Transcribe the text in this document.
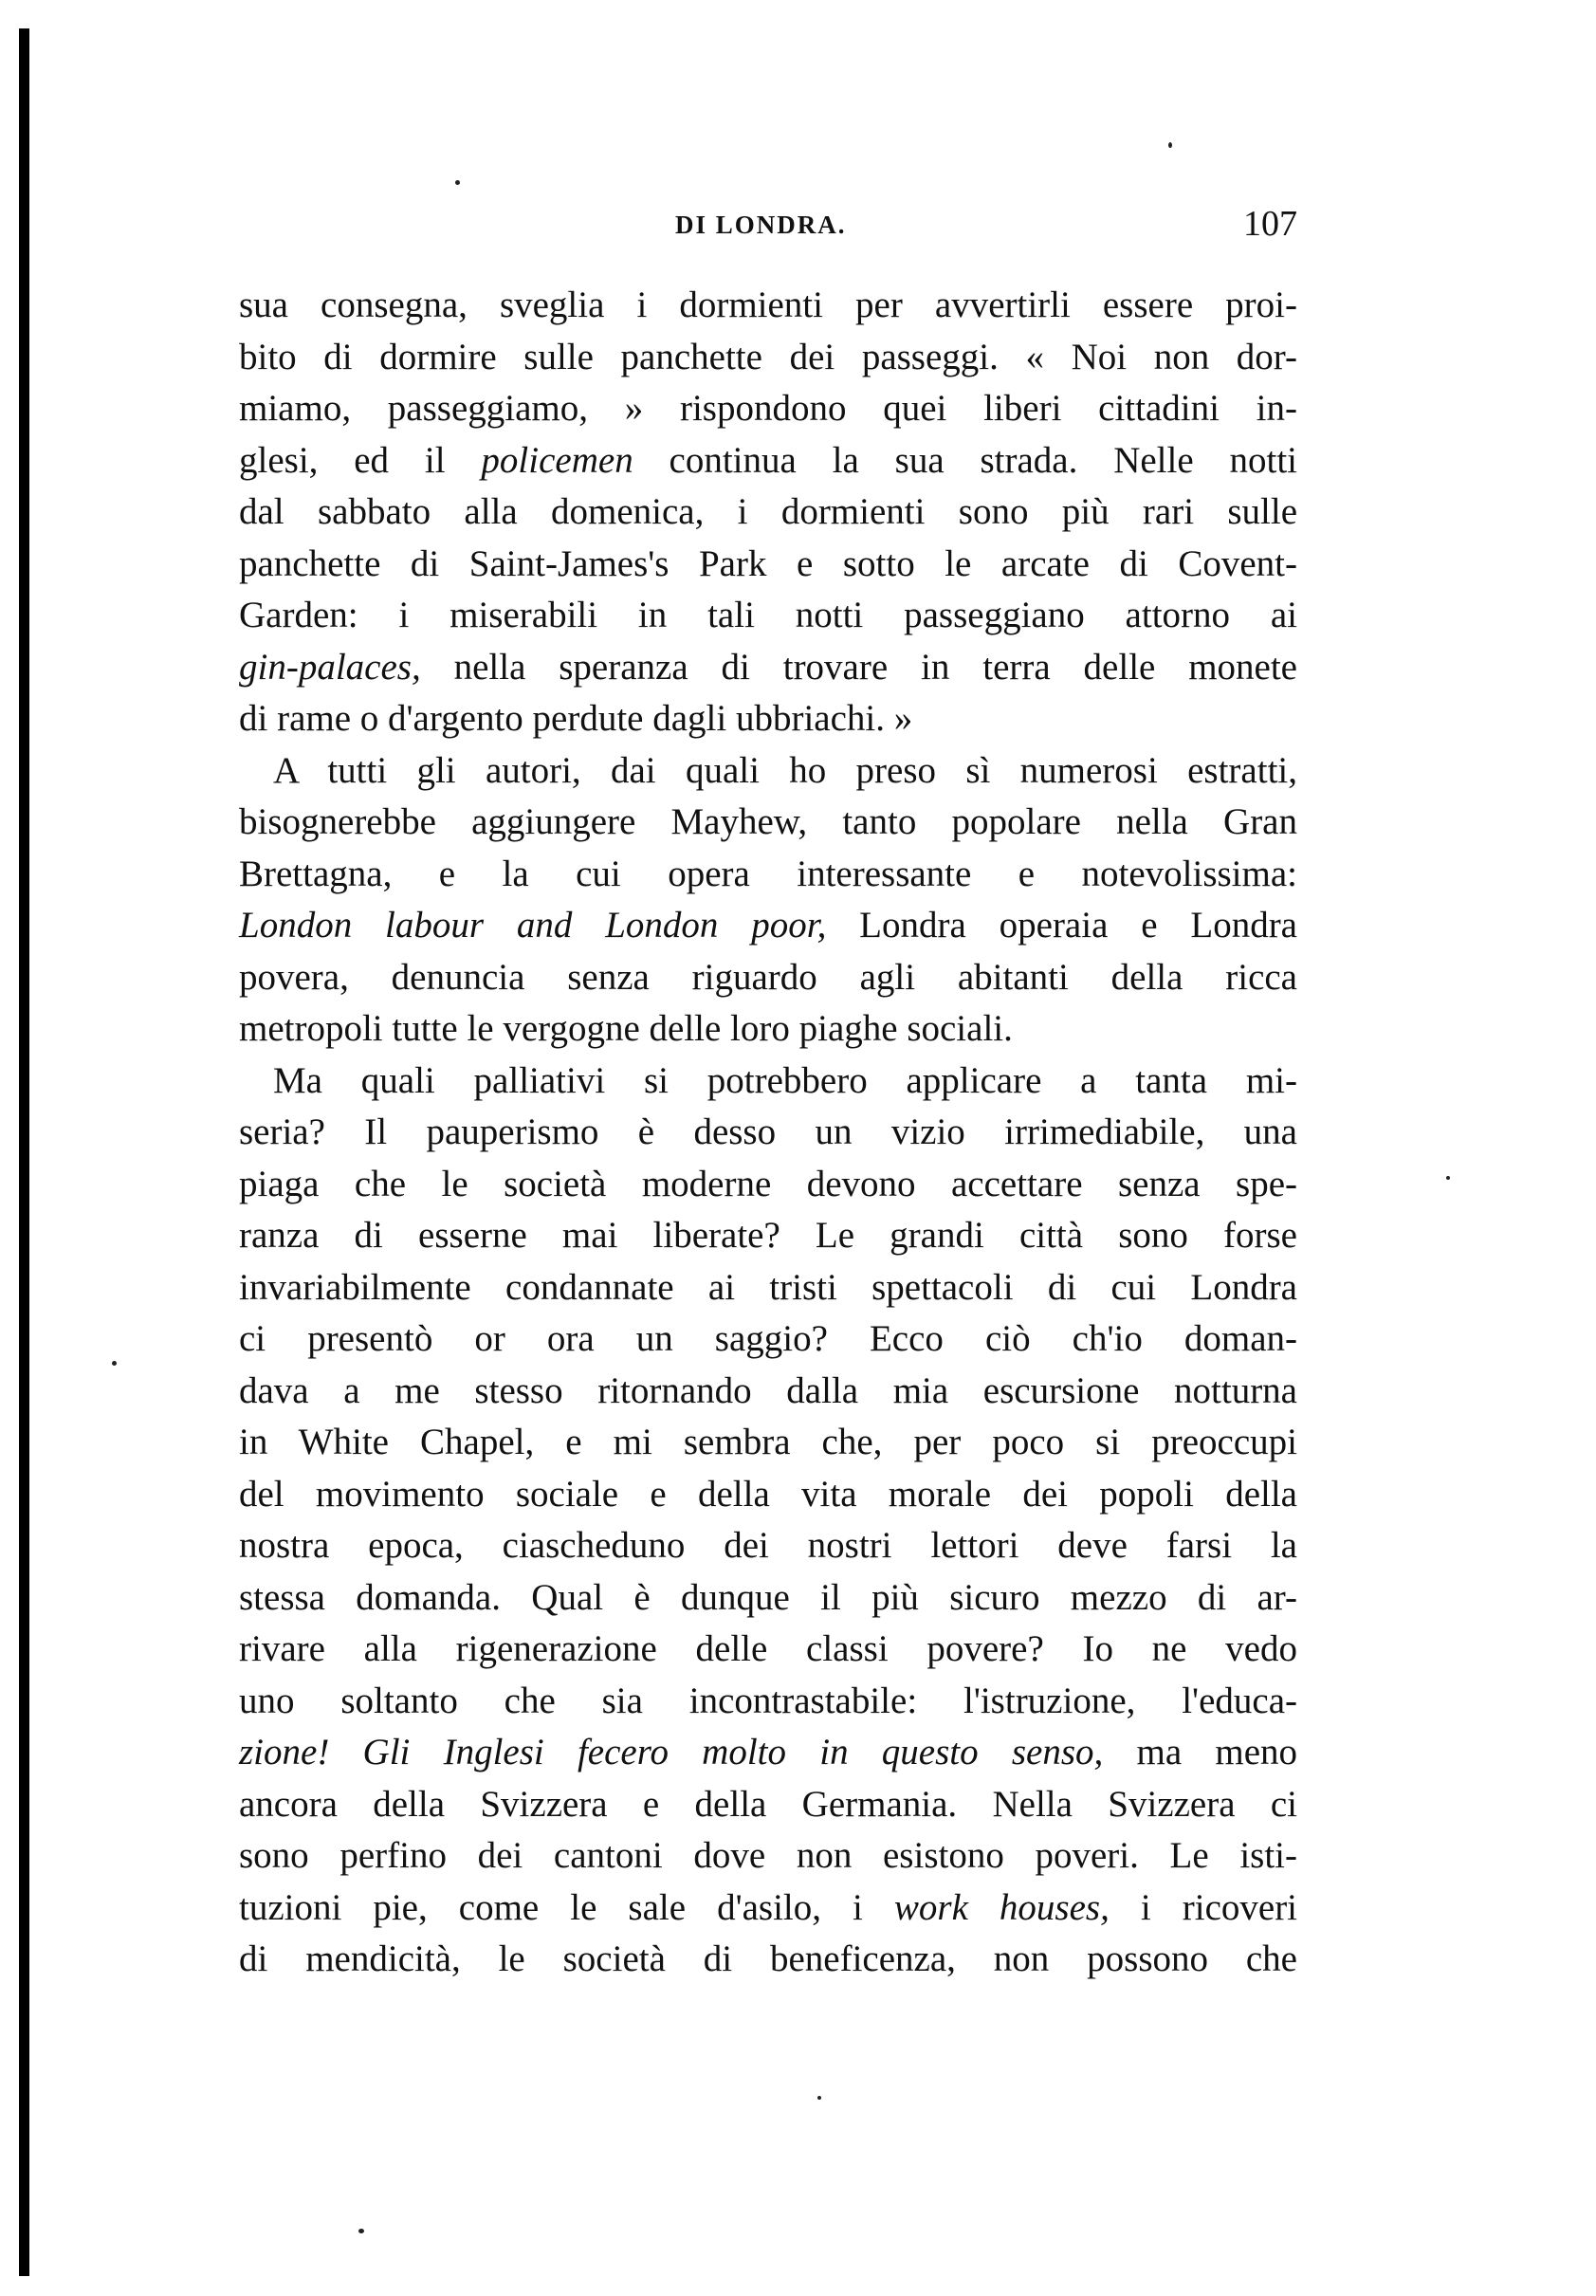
DI LONDRA.	107
sua consegna, sveglia i dormienti per avvertirli essere proi-
bito di dormire sulle panchette dei passeggi. « Noi non dor-
miamo, passeggiamo, » rispondono quei liberi cittadini in-
glesi, ed il policemen continua la sua strada. Nelle notti
dal sabbato alla domenica, i dormienti sono più rari sulle
panchette di Saint-James's Park e sotto le arcate di Covent-
Garden: i miserabili in tali notti passeggiano attorno ai
gin-palaces, nella speranza di trovare in terra delle monete
di rame o d'argento perdute dagli ubbriachi. »
A tutti gli autori, dai quali ho preso sì numerosi estratti,
bisognerebbe aggiungere Mayhew, tanto popolare nella Gran
Brettagna, e la cui opera interessante e notevolissima:
London labour and London poor, Londra operaia e Londra
povera, denuncia senza riguardo agli abitanti della ricca
metropoli tutte le vergogne delle loro piaghe sociali.
Ma quali palliativi si potrebbero applicare a tanta mi-
seria? Il pauperismo è desso un vizio irrimediabile, una
piaga che le società moderne devono accettare senza spe-
ranza di esserne mai liberate? Le grandi città sono forse
invariabilmente condannate ai tristi spettacoli di cui Londra
ci presentò or ora un saggio? Ecco ciò ch'io doman-
dava a me stesso ritornando dalla mia escursione notturna
in White Chapel, e mi sembra che, per poco si preoccupi
del movimento sociale e della vita morale dei popoli della
nostra epoca, ciascheduno dei nostri lettori deve farsi la
stessa domanda. Qual è dunque il più sicuro mezzo di ar-
rivare alla rigenerazione delle classi povere? Io ne vedo
uno soltanto che sia incontrastabile: l'istruzione, l'educa-
zione! Gli Inglesi fecero molto in questo senso, ma meno
ancora della Svizzera e della Germania. Nella Svizzera ci
sono perfino dei cantoni dove non esistono poveri. Le isti-
tuzioni pie, come le sale d'asilo, i work houses, i ricoveri
di mendicità, le società di beneficenza, non possono che
